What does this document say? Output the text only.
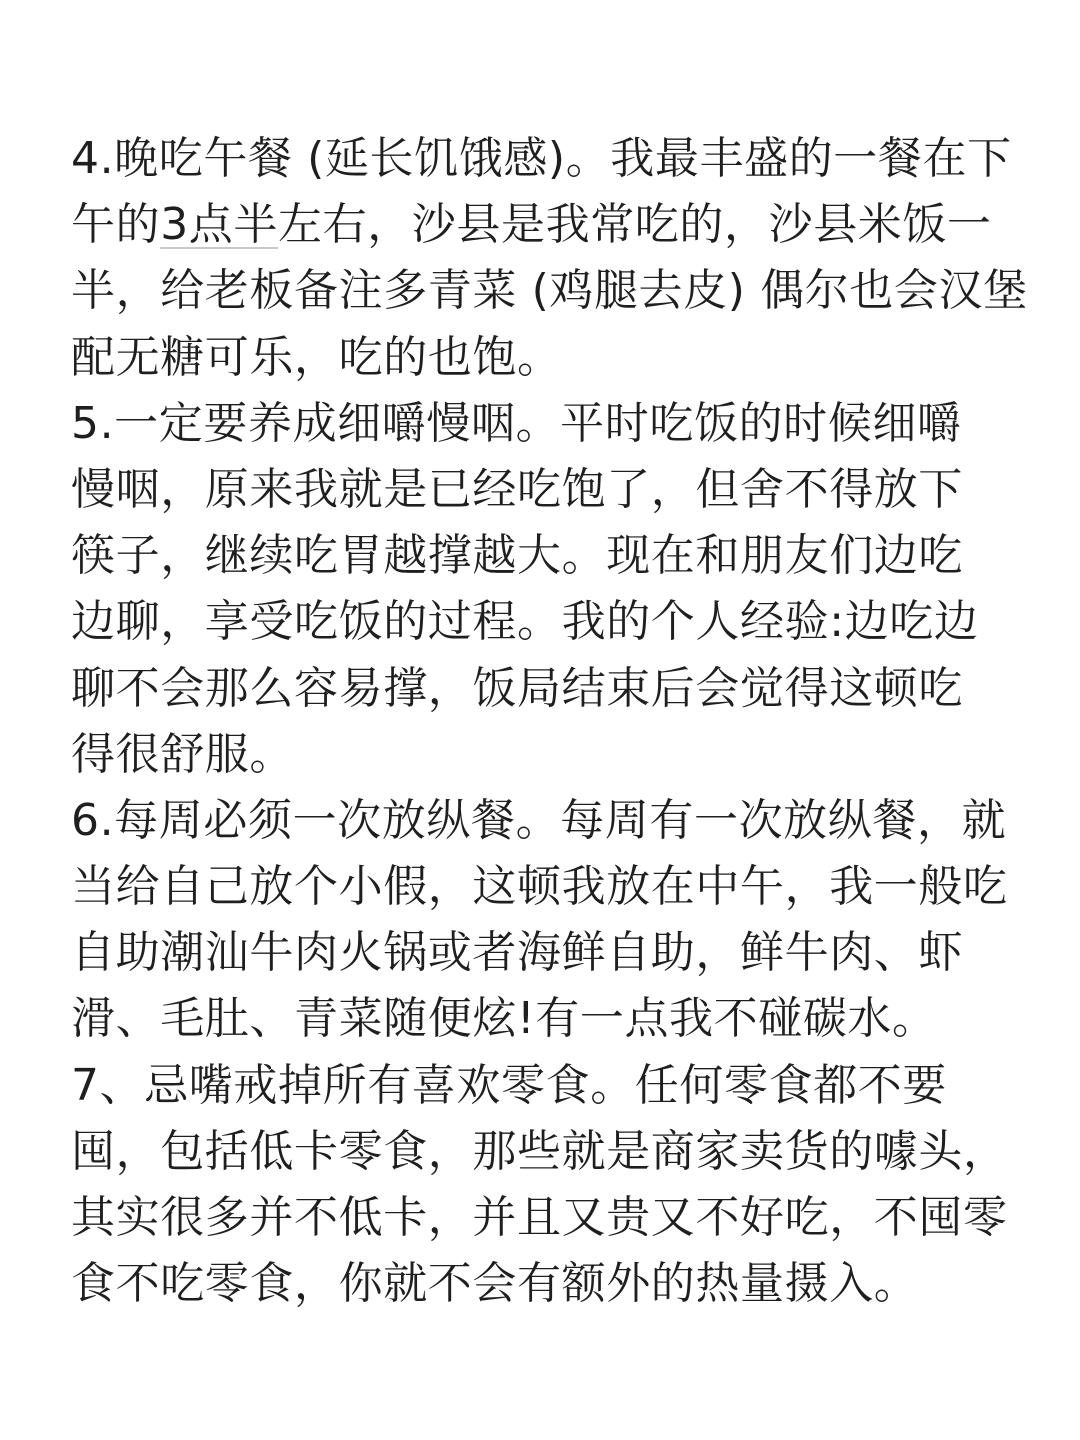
4.晚吃午餐 (延长饥饿感)。我最丰盛的一餐在下
午的3点半左右，沙县是我常吃的，沙县米饭一
半，给老板备注多青菜 (鸡腿去皮) 偶尔也会汉堡
配无糖可乐，吃的也饱。
5.一定要养成细嚼慢咽。平时吃饭的时候细嚼
慢咽，原来我就是已经吃饱了，但舍不得放下
筷子，继续吃胃越撑越大。现在和朋友们边吃
边聊，享受吃饭的过程。我的个人经验:边吃边
聊不会那么容易撑，饭局结束后会觉得这顿吃
得很舒服。
6.每周必须一次放纵餐。每周有一次放纵餐，就
当给自己放个小假，这顿我放在中午，我一般吃
自助潮汕牛肉火锅或者海鲜自助，鲜牛肉、虾
滑、毛肚、青菜随便炫!有一点我不碰碳水。
7、忌嘴戒掉所有喜欢零食。任何零食都不要
囤，包括低卡零食，那些就是商家卖货的噱头，
其实很多并不低卡，并且又贵又不好吃，不囤零
食不吃零食，你就不会有额外的热量摄入。
